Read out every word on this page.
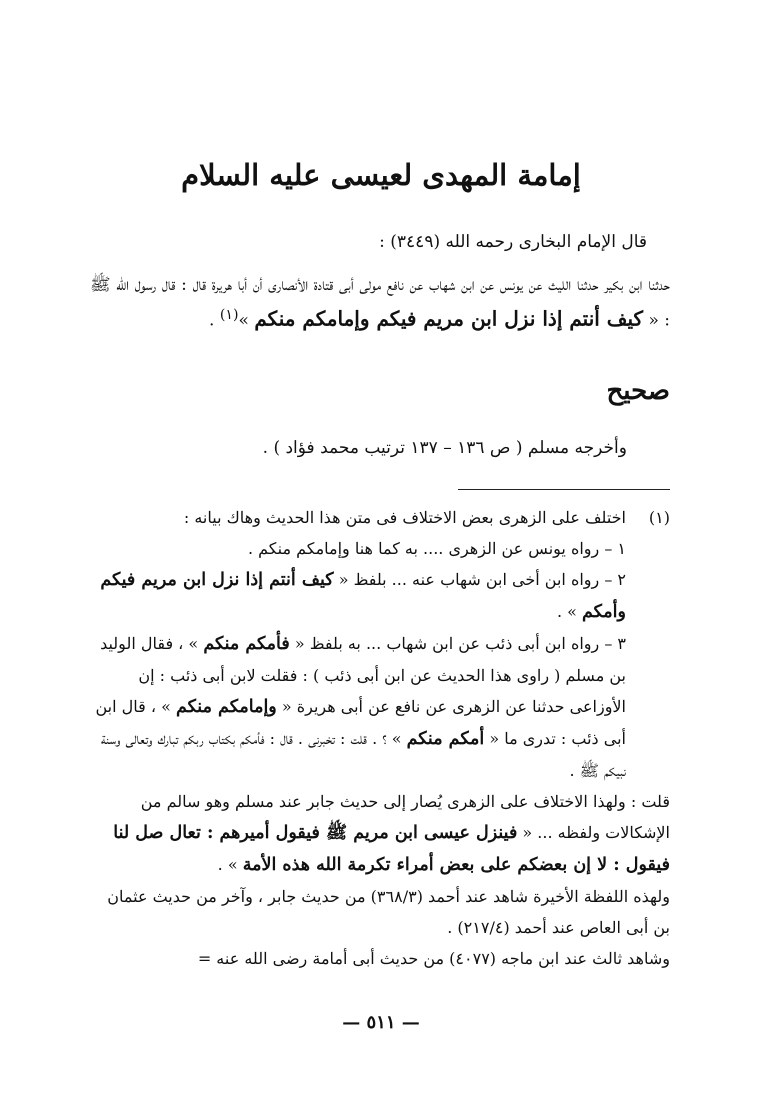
إمامة المهدى لعيسى عليه السلام
قال الإمام البخارى رحمه الله (٣٤٤٩) :
حدثنا ابن بكير حدثنا الليث عن يونس عن ابن شهاب عن نافع مولى أبى قتادة الأنصارى أن أبا هريرة قال : قال رسول الله ﷺ : « كيف أنتم إذا نزل ابن مريم فيكم وإمامكم منكم »$^{(١)}$ .
صحيح
وأخرجه مسلم ( ص ١٣٦ – ١٣٧ ترتيب محمد فؤاد ) .

(١)اختلف على الزهرى بعض الاختلاف فى متن هذا الحديث وهاك بيانه :

١ – رواه يونس عن الزهرى .... به كما هنا وإمامكم منكم .

٢ – رواه ابن أخى ابن شهاب عنه ... بلفظ « كيف أنتم إذا نزل ابن مريم فيكم وأمكم » .

٣ – رواه ابن أبى ذئب عن ابن شهاب ... به بلفظ « فأمكم منكم » ، فقال الوليد بن مسلم ( راوى هذا الحديث عن ابن أبى ذئب ) : فقلت لابن أبى ذئب : إن الأوزاعى حدثنا عن الزهرى عن نافع عن أبى هريرة « وإمامكم منكم » ، قال ابن أبى ذئب : تدرى ما « أمكم منكم » ؟ . قلت : تخبرنى . قال : فأمكم بكتاب ربكم تبارك وتعالى وسنة نبيكم ﷺ .

قلت : ولهذا الاختلاف على الزهرى يُصار إلى حديث جابر عند مسلم وهو سالم من الإشكالات ولفظه ... « فينزل عيسى ابن مريم ﷺ فيقول أميرهم : تعال صل لنا فيقول : لا إن بعضكم على بعض أمراء تكرمة الله هذه الأمة » .

ولهذه اللفظة الأخيرة شاهد عند أحمد (٣٦٨/٣) من حديث جابر ، وآخر من حديث عثمان بن أبى العاص عند أحمد (٢١٧/٤) .

وشاهد ثالث عند ابن ماجه (٤٠٧٧) من حديث أبى أمامة رضى الله عنه =

— ٥١١ —
